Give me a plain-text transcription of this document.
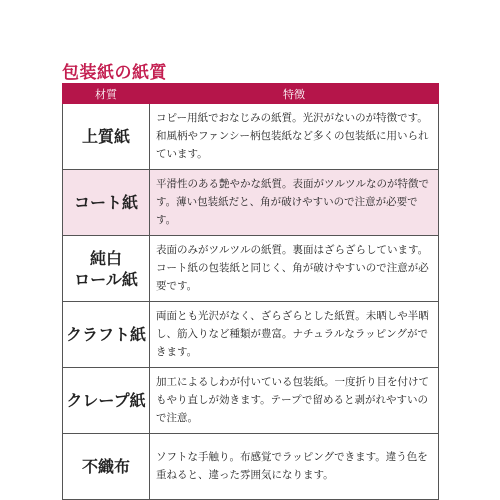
包装紙の紙質
材質	特徴

上質紙	コピー用紙でおなじみの紙質。光沢がないのが特徴です。和風柄やファンシー柄包装紙など多くの包装紙に用いられています。

コート紙	平滑性のある艶やかな紙質。表面がツルツルなのが特徴です。薄い包装紙だと、角が破けやすいので注意が必要です。

純白
ロール紙	表面のみがツルツルの紙質。裏面はざらざらしています。コート紙の包装紙と同じく、角が破けやすいので注意が必要です。

クラフト紙	両面とも光沢がなく、ざらざらとした紙質。未晒しや半晒し、筋入りなど種類が豊富。ナチュラルなラッピングができます。

クレープ紙	加工によるしわが付いている包装紙。一度折り目を付けてもやり直しが効きます。テープで留めると剥がれやすいので注意。

不織布	ソフトな手触り。布感覚でラッピングできます。違う色を重ねると、違った雰囲気になります。
